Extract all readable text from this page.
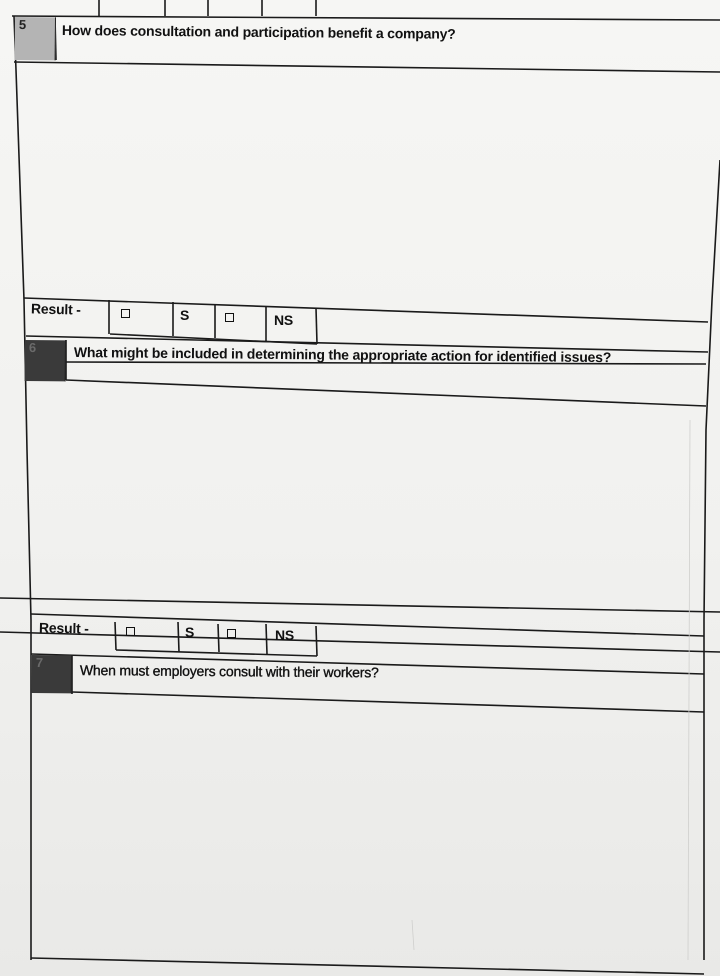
5	How does consultation and participation benefit a company?
Result -	S	NS
6	What might be included in determining the appropriate action for identified issues?
Result -	S	NS
7	When must employers consult with their workers?
